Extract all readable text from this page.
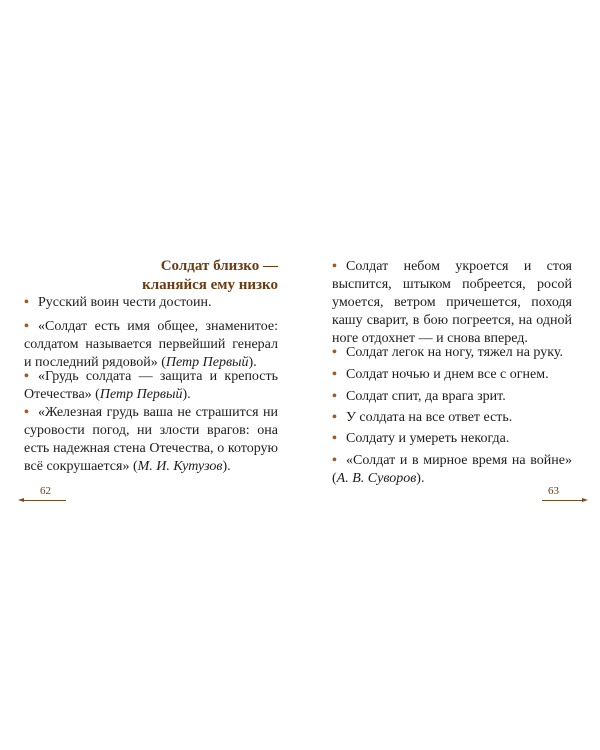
Солдат близко —
кланяйся ему низко
• Русский воин чести достоин.
• «Солдат есть имя общее, знаменитое: солдатом называется первейший генерал и последний рядовой» (Петр Первый).
• «Грудь солдата — защита и крепость Отечества» (Петр Первый).
• «Железная грудь ваша не страшится ни суровости погод, ни злости врагов: она есть надежная стена Отечества, о которую всё сокрушается» (М. И. Кутузов).
62
• Солдат небом укроется и стоя выспится, штыком побреется, росой умоется, ветром причешется, походя кашу сварит, в бою погреется, на одной ноге отдохнет — и снова вперед.
• Солдат легок на ногу, тяжел на руку.
• Солдат ночью и днем все с огнем.
• Солдат спит, да врага зрит.
• У солдата на все ответ есть.
• Солдату и умереть некогда.
• «Солдат и в мирное время на войне» (А. В. Суворов).
63
